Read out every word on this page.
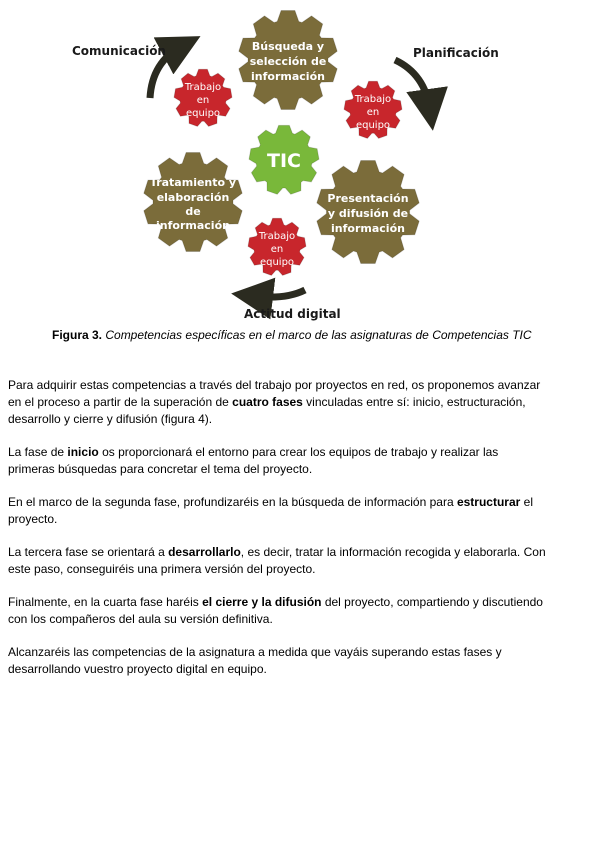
Búsqueda y selección de información
Tratamiento y elaboración de información
Presentación y difusión de información
TIC
Trabajo en equipo
Trabajo en equipo
Trabajo en equipo
Comunicación	Planificación
Actitud digital
Figura 3. Competencias específicas en el marco de las asignaturas de Competencias TIC

Para adquirir estas competencias a través del trabajo por proyectos en red, os proponemos avanzar en el proceso a partir de la superación de cuatro fases vinculadas entre sí: inicio, estructuración, desarrollo y cierre y difusión (figura 4).

La fase de inicio os proporcionará el entorno para crear los equipos de trabajo y realizar las primeras búsquedas para concretar el tema del proyecto.

En el marco de la segunda fase, profundizaréis en la búsqueda de información para estructurar el proyecto.

La tercera fase se orientará a desarrollarlo, es decir, tratar la información recogida y elaborarla. Con este paso, conseguiréis una primera versión del proyecto.

Finalmente, en la cuarta fase haréis el cierre y la difusión del proyecto, compartiendo y discutiendo con los compañeros del aula su versión definitiva.

Alcanzaréis las competencias de la asignatura a medida que vayáis superando estas fases y desarrollando vuestro proyecto digital en equipo.
